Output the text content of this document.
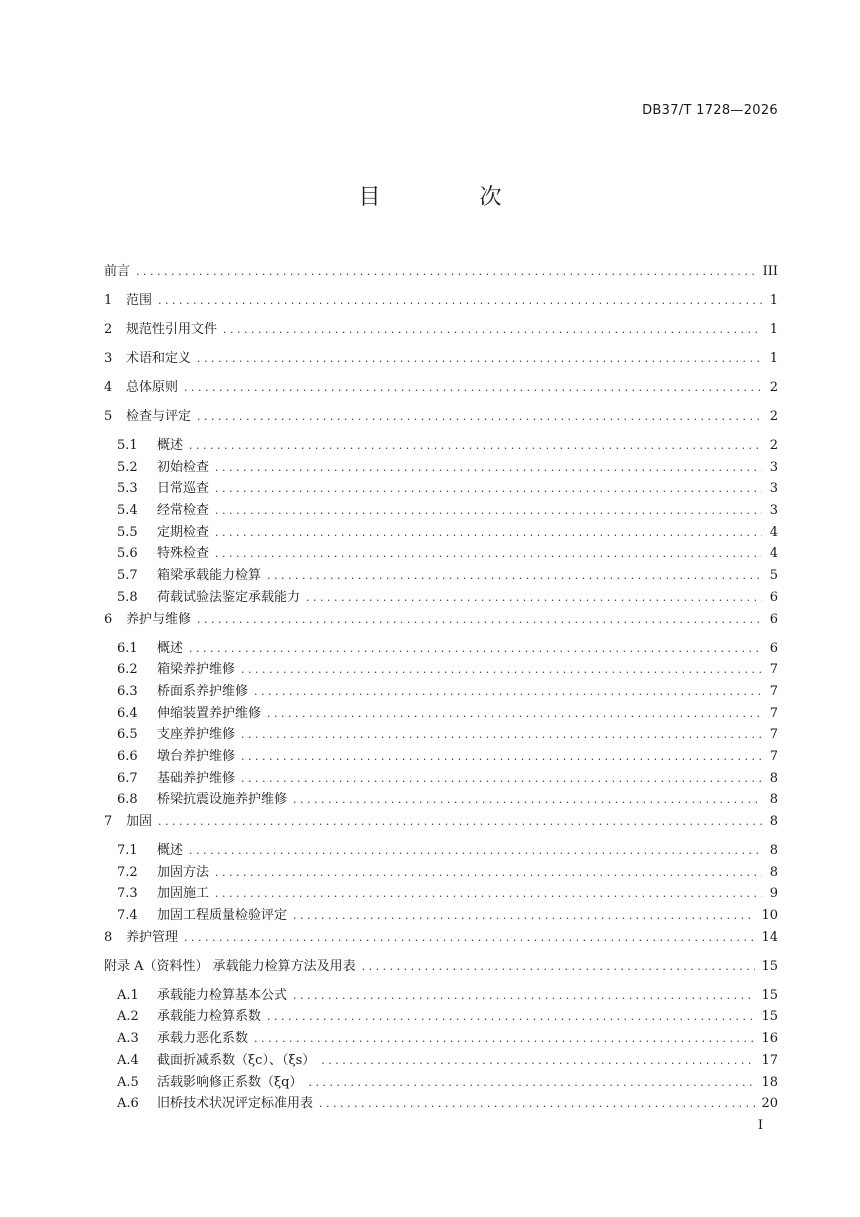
DB37/T 1728—2026
目 次
前言 . . .	III
1	范围 . . .	1
2	规范性引用文件 . . .	1
3	术语和定义 . . .	1
4	总体原则 . . .	2
5	检查与评定 . . .	2
5.1	概述 . . .	2
5.2	初始检查 . . .	3
5.3	日常巡查 . . .	3
5.4	经常检查 . . .	3
5.5	定期检查 . . .	4
5.6	特殊检查 . . .	4
5.7	箱梁承载能力检算 . . .	5
5.8	荷载试验法鉴定承载能力 . . .	6
6	养护与维修 . . .	6
6.1	概述 . . .	6
6.2	箱梁养护维修 . . .	7
6.3	桥面系养护维修 . . .	7
6.4	伸缩装置养护维修 . . .	7
6.5	支座养护维修 . . .	7
6.6	墩台养护维修 . . .	7
6.7	基础养护维修 . . .	8
6.8	桥梁抗震设施养护维修 . . .	8
7	加固 . . .	8
7.1	概述 . . .	8
7.2	加固方法 . . .	8
7.3	加固施工 . . .	9
7.4	加固工程质量检验评定 . . .	10
8	养护管理 . . .	14
附录 A（资料性） 承载能力检算方法及用表 . . .	15
A.1	承载能力检算基本公式 . . .	15
A.2	承载能力检算系数 . . .	15
A.3	承载力恶化系数 . . .	16
A.4	截面折减系数（ξc）、（ξs） . . .	17
A.5	活载影响修正系数（ξq） . . .	18
A.6	旧桥技术状况评定标准用表 . . .	20
I
